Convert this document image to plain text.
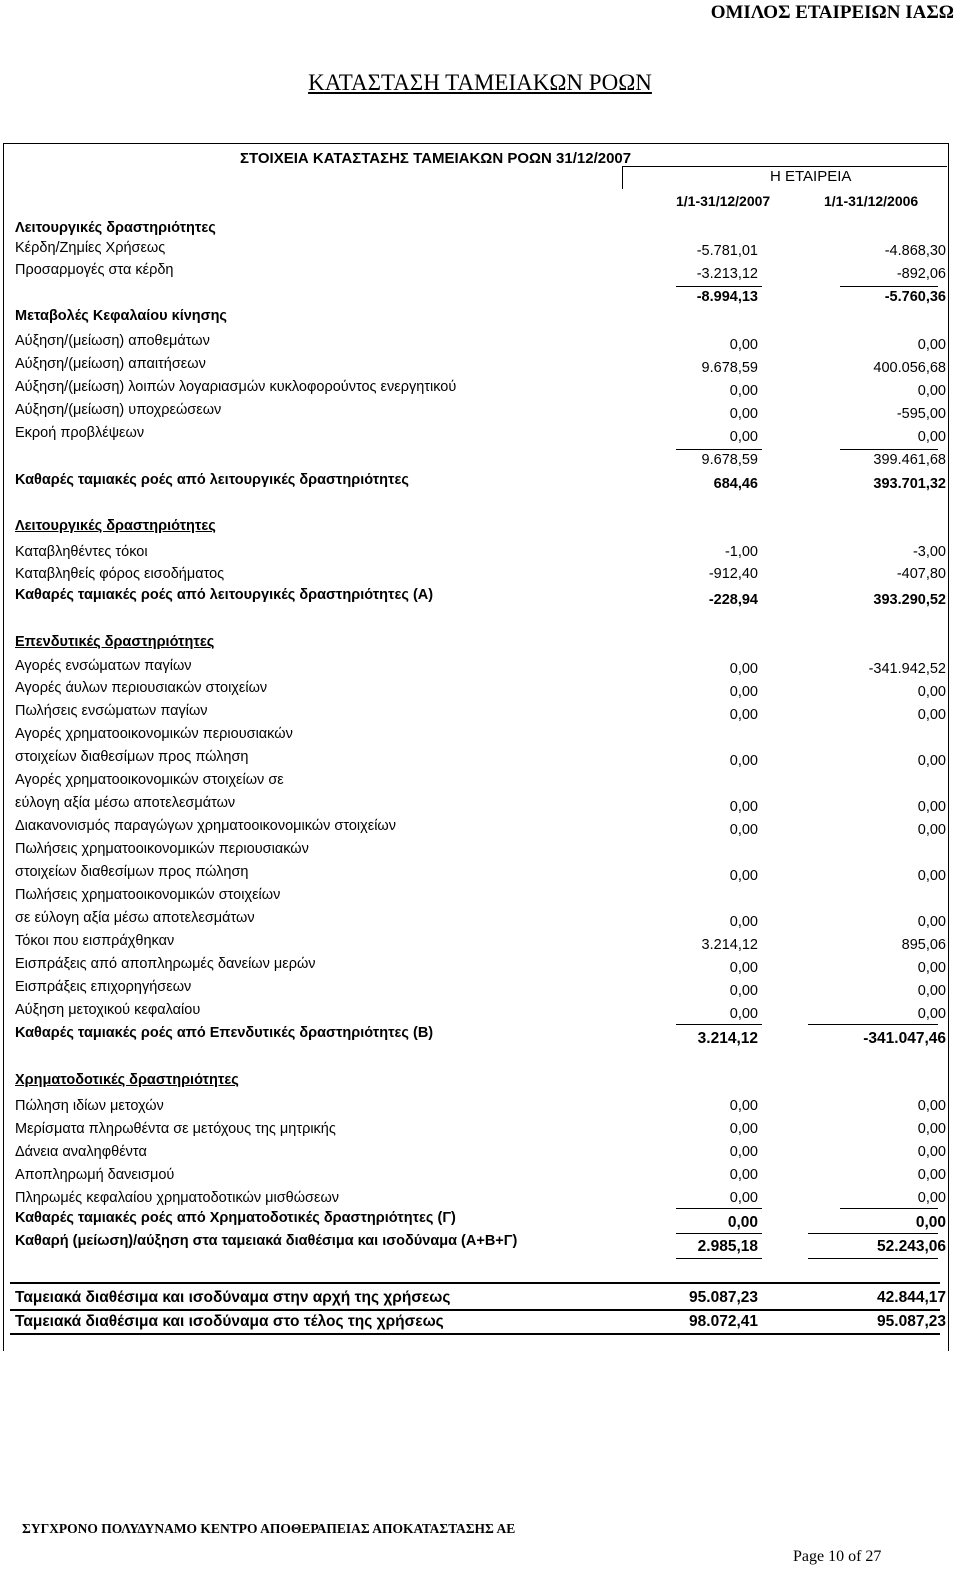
ΟΜΙΛΟΣ ΕΤΑΙΡΕΙΩΝ ΙΑΣΩ
ΚΑΤΑΣΤΑΣΗ ΤΑΜΕΙΑΚΩΝ ΡΟΩΝ
ΣΤΟΙΧΕΙΑ ΚΑΤΑΣΤΑΣΗΣ ΤΑΜΕΙΑΚΩΝ ΡΟΩΝ 31/12/2007
Η ΕΤΑΙΡΕΙΑ
1/1-31/12/2007	1/1-31/12/2006
Λειτουργικές δραστηριότητες
Κέρδη/Ζημίες Χρήσεως	-5.781,01	-4.868,30
Προσαρμογές στα κέρδη	-3.213,12	-892,06
-8.994,13	-5.760,36
Μεταβολές Κεφαλαίου κίνησης
Αύξηση/(μείωση) αποθεμάτων	0,00	0,00
Αύξηση/(μείωση) απαιτήσεων	9.678,59	400.056,68
Αύξηση/(μείωση) λοιπών λογαριασμών κυκλοφορούντος ενεργητικού	0,00	0,00
Αύξηση/(μείωση) υποχρεώσεων	0,00	-595,00
Εκροή προβλέψεων	0,00	0,00
9.678,59	399.461,68
Καθαρές ταμιακές ροές από λειτουργικές δραστηριότητες	684,46	393.701,32
Λειτουργικές δραστηριότητες
Καταβληθέντες τόκοι	-1,00	-3,00
Καταβληθείς φόρος εισοδήματος	-912,40	-407,80
Καθαρές ταμιακές ροές από λειτουργικές δραστηριότητες (Α)	-228,94	393.290,52
Επενδυτικές δραστηριότητες
Αγορές ενσώματων παγίων	0,00	-341.942,52
Αγορές άυλων περιουσιακών στοιχείων	0,00	0,00
Πωλήσεις ενσώματων παγίων	0,00	0,00
Αγορές χρηματοοικονομικών περιουσιακών
στοιχείων διαθεσίμων προς πώληση	0,00	0,00
Αγορές χρηματοοικονομικών στοιχείων σε
εύλογη αξία μέσω αποτελεσμάτων	0,00	0,00
Διακανονισμός παραγώγων χρηματοοικονομικών στοιχείων	0,00	0,00
Πωλήσεις χρηματοοικονομικών περιουσιακών
στοιχείων διαθεσίμων προς πώληση	0,00	0,00
Πωλήσεις χρηματοοικονομικών στοιχείων
σε εύλογη αξία μέσω αποτελεσμάτων	0,00	0,00
Τόκοι που εισπράχθηκαν	3.214,12	895,06
Εισπράξεις από αποπληρωμές δανείων μερών	0,00	0,00
Εισπράξεις επιχορηγήσεων	0,00	0,00
Αύξηση μετοχικού κεφαλαίου	0,00	0,00
Καθαρές ταμιακές ροές από Επενδυτικές δραστηριότητες (Β)	3.214,12	-341.047,46
Χρηματοδοτικές δραστηριότητες
Πώληση ιδίων μετοχών	0,00	0,00
Μερίσματα πληρωθέντα σε μετόχους της μητρικής	0,00	0,00
Δάνεια αναληφθέντα	0,00	0,00
Αποπληρωμή δανεισμού	0,00	0,00
Πληρωμές κεφαλαίου χρηματοδοτικών μισθώσεων	0,00	0,00
Καθαρές ταμιακές ροές από Χρηματοδοτικές δραστηριότητες (Γ)	0,00	0,00
Καθαρή (μείωση)/αύξηση στα ταμειακά διαθέσιμα και ισοδύναμα (Α+Β+Γ)	2.985,18	52.243,06
Ταμειακά διαθέσιμα και ισοδύναμα στην αρχή της χρήσεως	95.087,23	42.844,17
Ταμειακά διαθέσιμα και ισοδύναμα στο τέλος της χρήσεως	98.072,41	95.087,23
ΣΥΓΧΡΟΝΟ ΠΟΛΥΔΥΝΑΜΟ ΚΕΝΤΡΟ ΑΠΟΘΕΡΑΠΕΙΑΣ ΑΠΟΚΑΤΑΣΤΑΣΗΣ ΑΕ
Page 10 of 27
